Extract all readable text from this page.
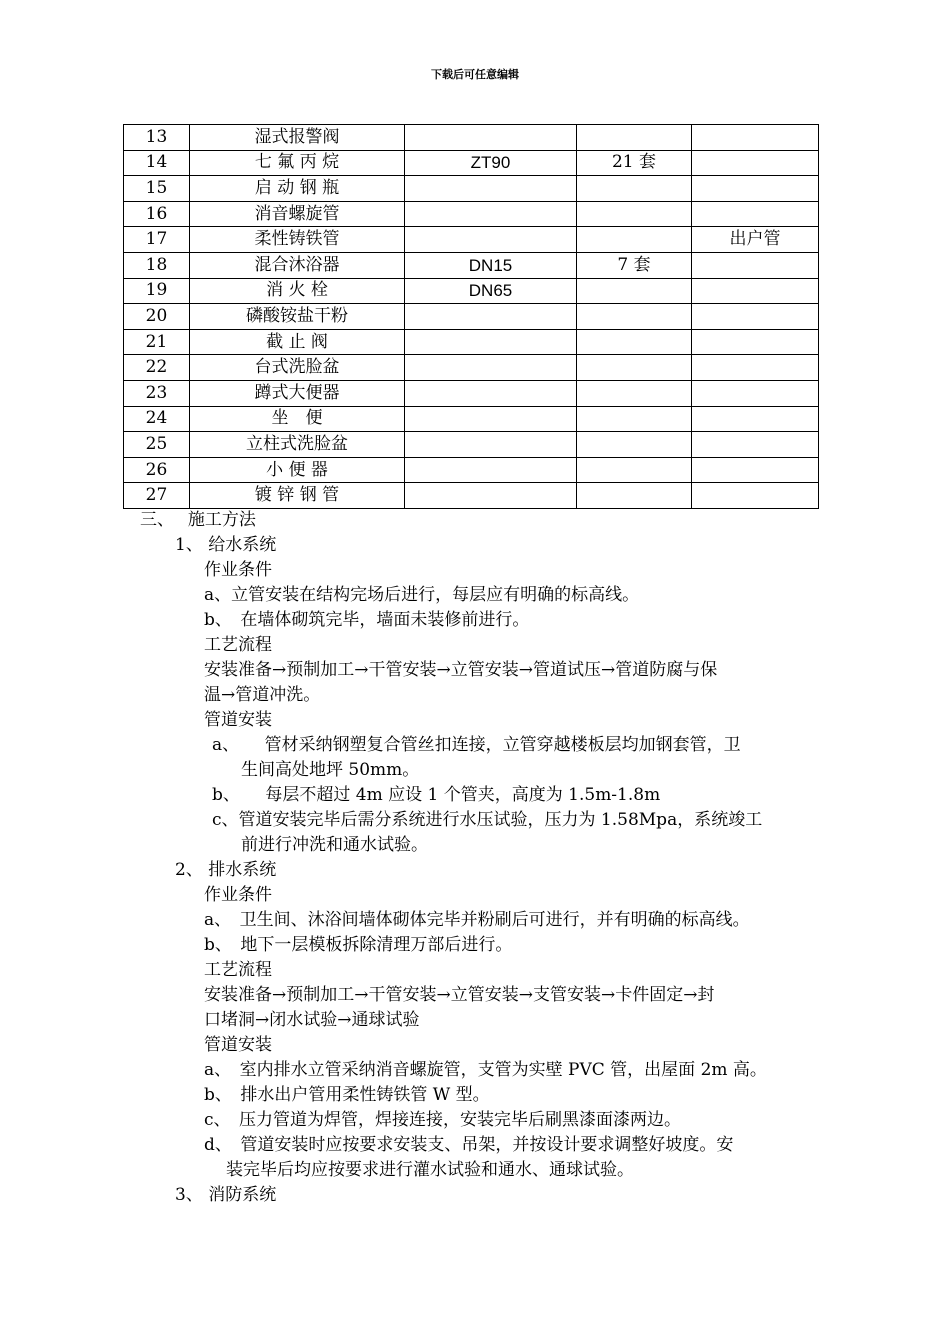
下载后可任意编辑
13	湿式报警阀			
14	七 氟 丙 烷	ZT90	21 套	
15	启 动 钢 瓶			
16	消音螺旋管			
17	柔性铸铁管			出户管
18	混合沐浴器	DN15	7 套	
19	消 火 栓	DN65		
20	磷酸铵盐干粉			
21	截 止 阀			
22	台式洗脸盆			
23	蹲式大便器			
24	坐　便			
25	立柱式洗脸盆			
26	小 便 器			
27	镀 锌 钢 管			
三、　 施工方法
1、 给水系统
作业条件
a、立管安装在结构完场后进行，每层应有明确的标高线。
b、　在墙体砌筑完毕，墙面未装修前进行。
工艺流程
安装准备→预制加工→干管安装→立管安装→管道试压→管道防腐与保
温→管道冲洗。
管道安装
a、　　管材采纳钢塑复合管丝扣连接，立管穿越楼板层均加钢套管，卫
生间高处地坪 50mm。
b、　　每层不超过 4m 应设 1 个管夹，高度为 1.5m-1.8m
c、管道安装完毕后需分系统进行水压试验，压力为 1.58Mpa，系统竣工
前进行冲洗和通水试验。
2、 排水系统
作业条件
a、　卫生间、沐浴间墙体砌体完毕并粉刷后可进行，并有明确的标高线。
b、　地下一层模板拆除清理万部后进行。
工艺流程
安装准备→预制加工→干管安装→立管安装→支管安装→卡件固定→封
口堵洞→闭水试验→通球试验
管道安装
a、　室内排水立管采纳消音螺旋管，支管为实壁 PVC 管，出屋面 2m 高。
b、　排水出户管用柔性铸铁管 W 型。
c、　压力管道为焊管，焊接连接，安装完毕后刷黑漆面漆两边。
d、　管道安装时应按要求安装支、吊架，并按设计要求调整好坡度。安
装完毕后均应按要求进行灌水试验和通水、通球试验。
3、 消防系统
